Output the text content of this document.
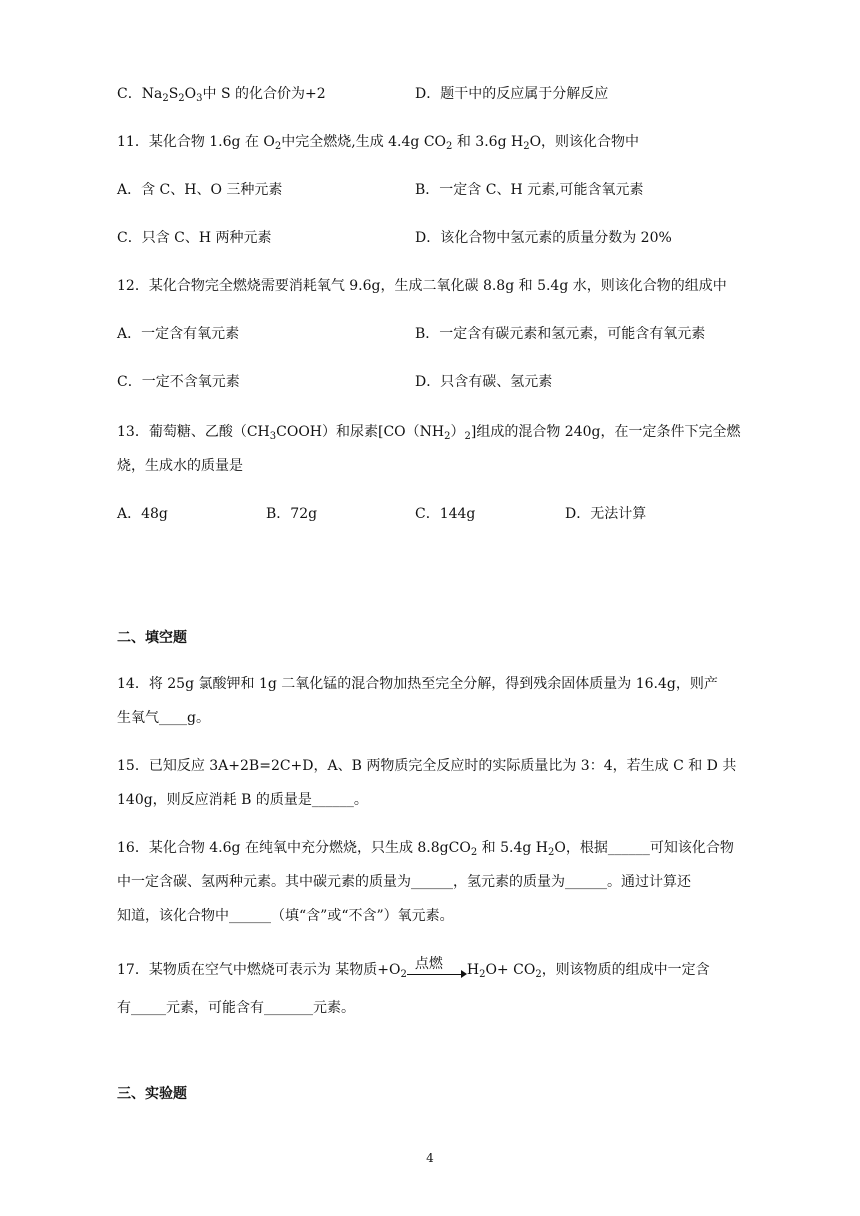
C．$Na_2S_2O_3$中 S 的化合价为+2	D．题干中的反应属于分解反应
11．某化合物 1.6g 在 $O_2$中完全燃烧,生成 4.4g $CO_2$ 和 3.6g $H_2O$，则该化合物中
A．含 C、H、O 三种元素	B．一定含 C、H 元素,可能含氧元素
C．只含 C、H 两种元素	D．该化合物中氢元素的质量分数为 20%
12．某化合物完全燃烧需要消耗氧气 9.6g，生成二氧化碳 8.8g 和 5.4g 水，则该化合物的组成中
A．一定含有氧元素	B．一定含有碳元素和氢元素，可能含有氧元素
C．一定不含氧元素	D．只含有碳、氢元素
13．葡萄糖、乙酸$(CH_3COOH)$和尿素$[CO(NH_2)_2]$组成的混合物 240g，在一定条件下完全燃
烧，生成水的质量是
A．48g	B．72g	C．144g	D．无法计算
二、填空题
14．将 25g 氯酸钾和 1g 二氧化锰的混合物加热至完全分解，得到残余固体质量为 16.4g，则产
生氧气____g。
15．已知反应 3A+2B=2C+D，A、B 两物质完全反应时的实际质量比为 3：4，若生成 C 和 D 共
140g，则反应消耗 B 的质量是______。
16．某化合物 4.6g 在纯氧中充分燃烧，只生成 8.8gCO$_2$ 和 5.4g $H_2O$，根据______可知该化合物
中一定含碳、氢两种元素。其中碳元素的质量为______，氢元素的质量为______。通过计算还
知道，该化合物中______（填“含”或“不含”）氧元素。
17．某物质在空气中燃烧可表示为 某物质$+O_2$
点燃 $H_2O+ CO_2$，则该物质的组成中一定含
有_____元素，可能含有_______元素。
三、实验题
4
